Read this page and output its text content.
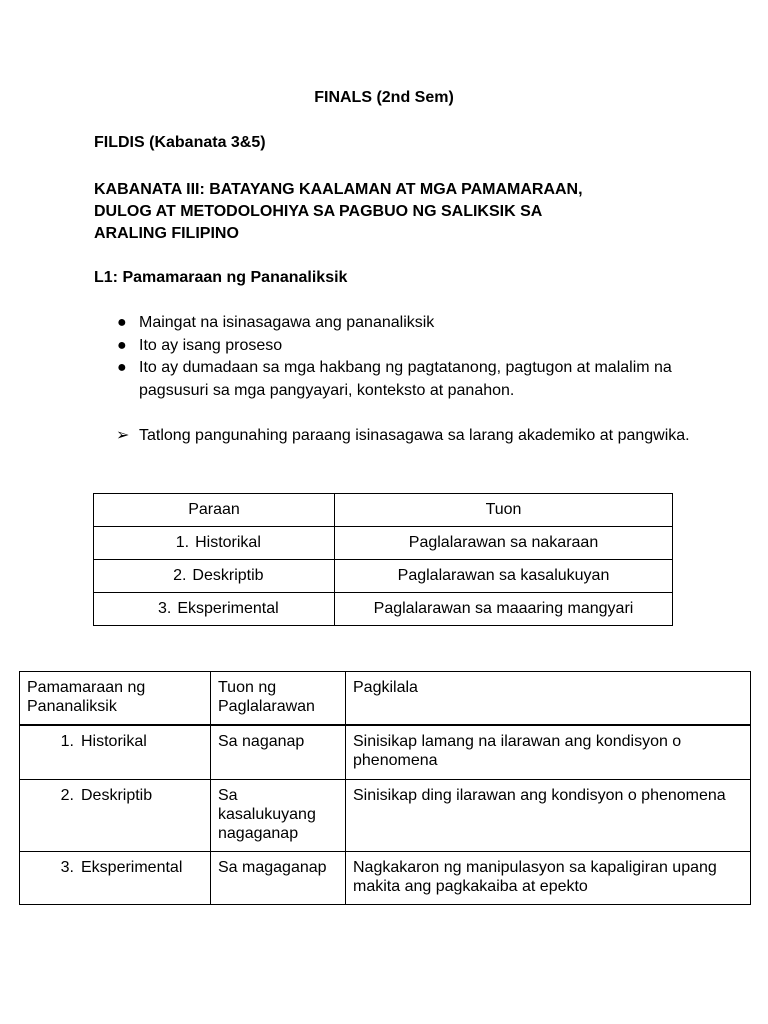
FINALS (2nd Sem)
FILDIS (Kabanata 3&5)
KABANATA III: BATAYANG KAALAMAN AT MGA PAMAMARAAN,
DULOG AT METODOLOHIYA SA PAGBUO NG SALIKSIK SA
ARALING FILIPINO
L1: Pamamaraan ng Pananaliksik
● Maingat na isinasagawa ang pananaliksik
● Ito ay isang proseso
● Ito ay dumadaan sa mga hakbang ng pagtatanong, pagtugon at malalim na pagsusuri sa mga pangyayari, konteksto at panahon.
➢ Tatlong pangunahing paraang isinasagawa sa larang akademiko at pangwika.
Paraan	Tuon
1. Historikal	Paglalarawan sa nakaraan
2. Deskriptib	Paglalarawan sa kasalukuyan
3. Eksperimental	Paglalarawan sa maaaring mangyari
Pamamaraan ng Pananaliksik	Tuon ng Paglalarawan	Pagkilala
1. Historikal	Sa naganap	Sinisikap lamang na ilarawan ang kondisyon o phenomena
2. Deskriptib	Sa kasalukuyang nagaganap	Sinisikap ding ilarawan ang kondisyon o phenomena
3. Eksperimental	Sa magaganap	Nagkakaron ng manipulasyon sa kapaligiran upang makita ang pagkakaiba at epekto
